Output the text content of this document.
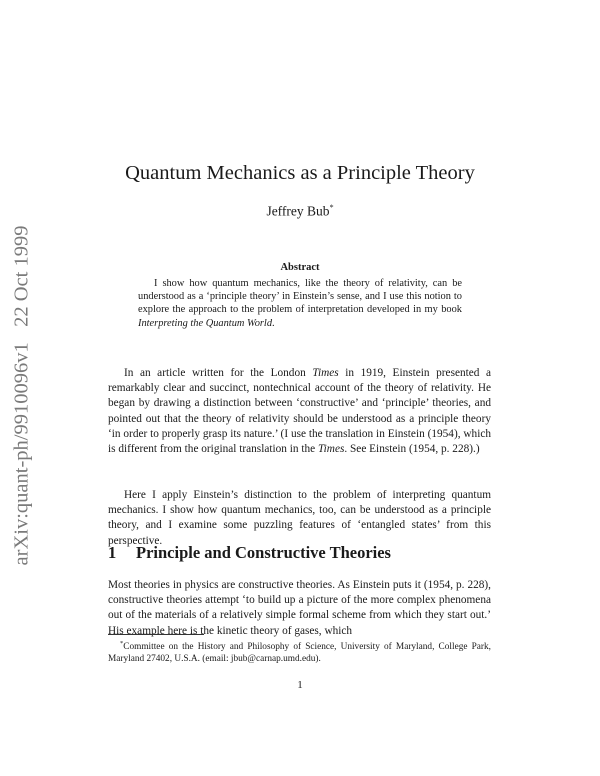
arXiv:quant-ph/9910096v1   22 Oct 1999
Quantum Mechanics as a Principle Theory
Jeffrey Bub*
Abstract

I show how quantum mechanics, like the theory of relativity, can be understood as a ‘principle theory’ in Einstein’s sense, and I use this notion to explore the approach to the problem of interpretation developed in my book Interpreting the Quantum World.

In an article written for the London Times in 1919, Einstein presented a remarkably clear and succinct, nontechnical account of the theory of relativity. He began by drawing a distinction between ‘constructive’ and ‘principle’ theories, and pointed out that the theory of relativity should be understood as a principle theory ‘in order to properly grasp its nature.’ (I use the translation in Einstein (1954), which is different from the original translation in the Times. See Einstein (1954, p. 228).)

Here I apply Einstein’s distinction to the problem of interpreting quantum mechanics. I show how quantum mechanics, too, can be understood as a principle theory, and I examine some puzzling features of ‘entangled states’ from this perspective.

1 Principle and Constructive Theories

Most theories in physics are constructive theories. As Einstein puts it (1954, p. 228), constructive theories attempt ‘to build up a picture of the more complex phenomena out of the materials of a relatively simple formal scheme from which they start out.’ His example here is the kinetic theory of gases, which

*Committee on the History and Philosophy of Science, University of Maryland, College Park, Maryland 27402, U.S.A. (email: jbub@carnap.umd.edu).

1
